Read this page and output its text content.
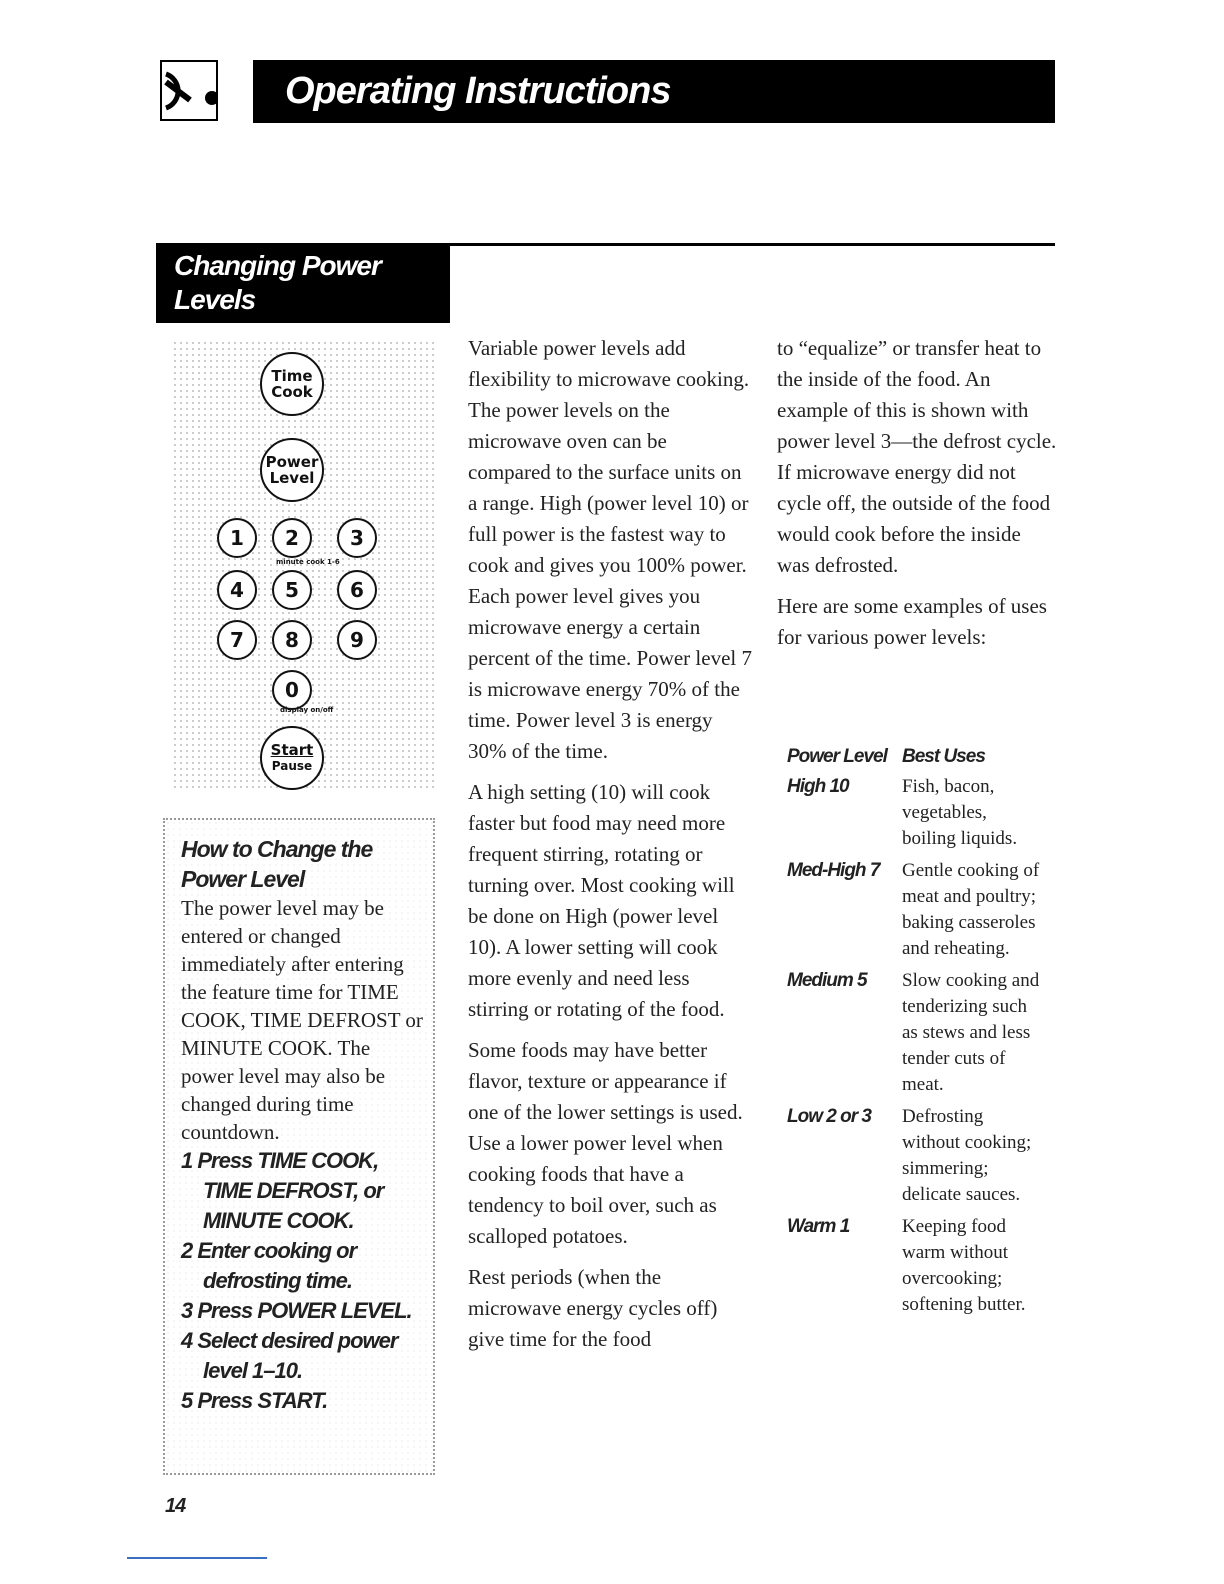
Operating Instructions
Changing Power
Levels
Time
Cook
Power
Level
1	2	3
minute cook 1-6
4	5	6
7	8	9
0
display on/off
Start
Pause
How to Change the
Power Level

The power level may be entered or changed immediately after entering the feature time for TIME COOK, TIME DEFROST or MINUTE COOK. The power level may also be changed during time countdown.

1 Press TIME COOK, TIME DEFROST, or MINUTE COOK.
2 Enter cooking or defrosting time.
3 Press POWER LEVEL.
4 Select desired power level 1–10.
5 Press START.

Variable power levels add flexibility to microwave cooking. The power levels on the microwave oven can be compared to the surface units on a range. High (power level 10) or full power is the fastest way to cook and gives you 100% power. Each power level gives you microwave energy a certain percent of the time. Power level 7 is microwave energy 70% of the time. Power level 3 is energy 30% of the time.

A high setting (10) will cook faster but food may need more frequent stirring, rotating or turning over. Most cooking will be done on High (power level 10). A lower setting will cook more evenly and need less stirring or rotating of the food.

Some foods may have better flavor, texture or appearance if one of the lower settings is used. Use a lower power level when cooking foods that have a tendency to boil over, such as scalloped potatoes.

Rest periods (when the microwave energy cycles off) give time for the food

to “equalize” or transfer heat to the inside of the food. An example of this is shown with power level 3—the defrost cycle. If microwave energy did not cycle off, the outside of the food would cook before the inside was defrosted.

Here are some examples of uses for various power levels:

Power Level Best Uses
High 10	Fish, bacon, vegetables, boiling liquids.
Med-High 7	Gentle cooking of meat and poultry; baking casseroles and reheating.
Medium 5	Slow cooking and tenderizing such as stews and less tender cuts of meat.
Low 2 or 3	Defrosting without cooking; simmering; delicate sauces.
Warm 1	Keeping food warm without overcooking; softening butter.
14
